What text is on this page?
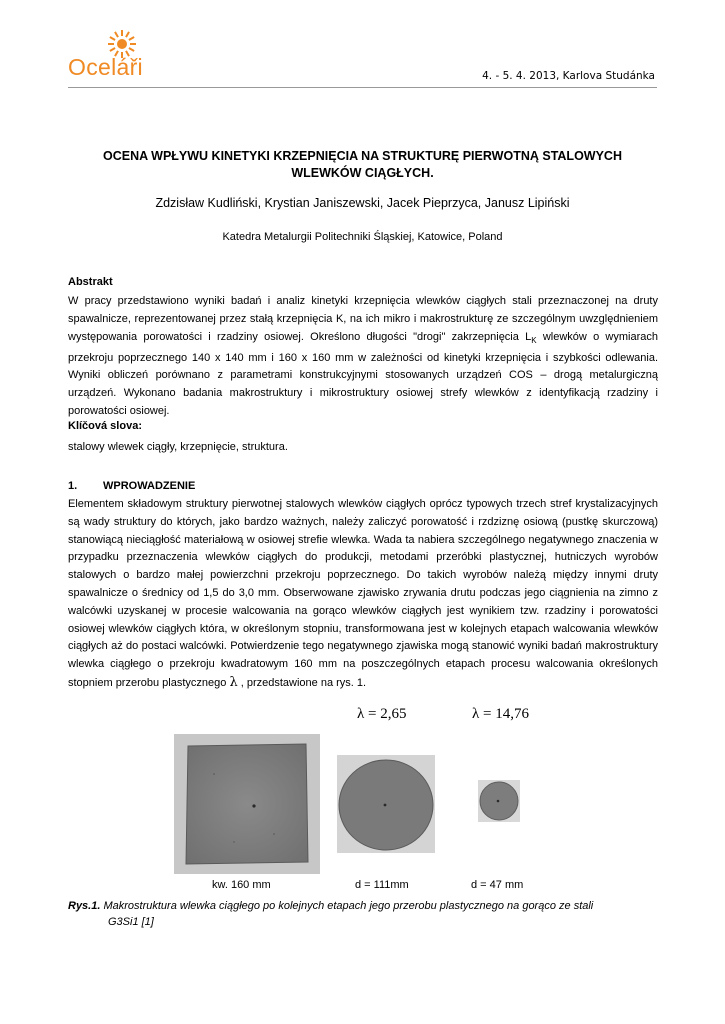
Oceláři	4. - 5. 4. 2013, Karlova Studánka
OCENA WPŁYWU KINETYKI KRZEPNIĘCIA NA STRUKTURĘ PIERWOTNĄ STALOWYCH
WLEWKÓW CIĄGŁYCH.
Zdzisław Kudliński, Krystian Janiszewski, Jacek Pieprzyca, Janusz Lipiński
Katedra Metalurgii Politechniki Śląskiej, Katowice, Poland
Abstrakt

W pracy przedstawiono wyniki badań i analiz kinetyki krzepnięcia wlewków ciągłych stali przeznaczonej na druty spawalnicze, reprezentowanej przez stałą krzepnięcia K, na ich mikro i makrostrukturę ze szczególnym uwzględnieniem występowania porowatości i rzadziny osiowej. Określono długości "drogi" zakrzepnięcia $L_K$ wlewków o wymiarach przekroju poprzecznego 140 x 140 mm i 160 x 160 mm w zależności od kinetyki krzepnięcia i szybkości odlewania. Wyniki obliczeń porównano z parametrami konstrukcyjnymi stosowanych urządzeń COS – drogą metalurgiczną urządzeń. Wykonano badania makrostruktury i mikrostruktury osiowej strefy wlewków z identyfikacją rzadziny i porowatości osiowej.

Klíčová slova:
stalowy wlewek ciągły, krzepnięcie, struktura.
1. WPROWADZENIE

Elementem składowym struktury pierwotnej stalowych wlewków ciągłych oprócz typowych trzech stref krystalizacyjnych są wady struktury do których, jako bardzo ważnych, należy zaliczyć porowatość i rzdziznę osiową (pustkę skurczową) stanowiącą nieciągłość materiałową w osiowej strefie wlewka. Wada ta nabiera szczególnego negatywnego znaczenia w przypadku przeznaczenia wlewków ciągłych do produkcji, metodami przeróbki plastycznej, hutniczych wyrobów stalowych o bardzo małej powierzchni przekroju poprzecznego. Do takich wyrobów należą między innymi druty spawalnicze o średnicy od 1,5 do 3,0 mm. Obserwowane zjawisko zrywania drutu podczas jego ciągnienia na zimno z walcówki uzyskanej w procesie walcowania na gorąco wlewków ciągłych jest wynikiem tzw. rzadziny i porowatości osiowej wlewków ciągłych która, w określonym stopniu, transformowana jest w kolejnych etapach walcowania wlewków ciągłych aż do postaci walcówki. Potwierdzenie tego negatywnego zjawiska mogą stanowić wyniki badań makrostruktury wlewka ciągłego o przekroju kwadratowym 160 mm na poszczególnych etapach procesu walcowania określonych stopniem przerobu plastycznego λ , przedstawione na rys. 1.

λ = 2,65	λ = 14,76
kw. 160 mm	d = 111mm	d = 47 mm
Rys.1. Makrostruktura wlewka ciągłego po kolejnych etapach jego przerobu plastycznego na gorąco ze stali
G3Si1 [1]
